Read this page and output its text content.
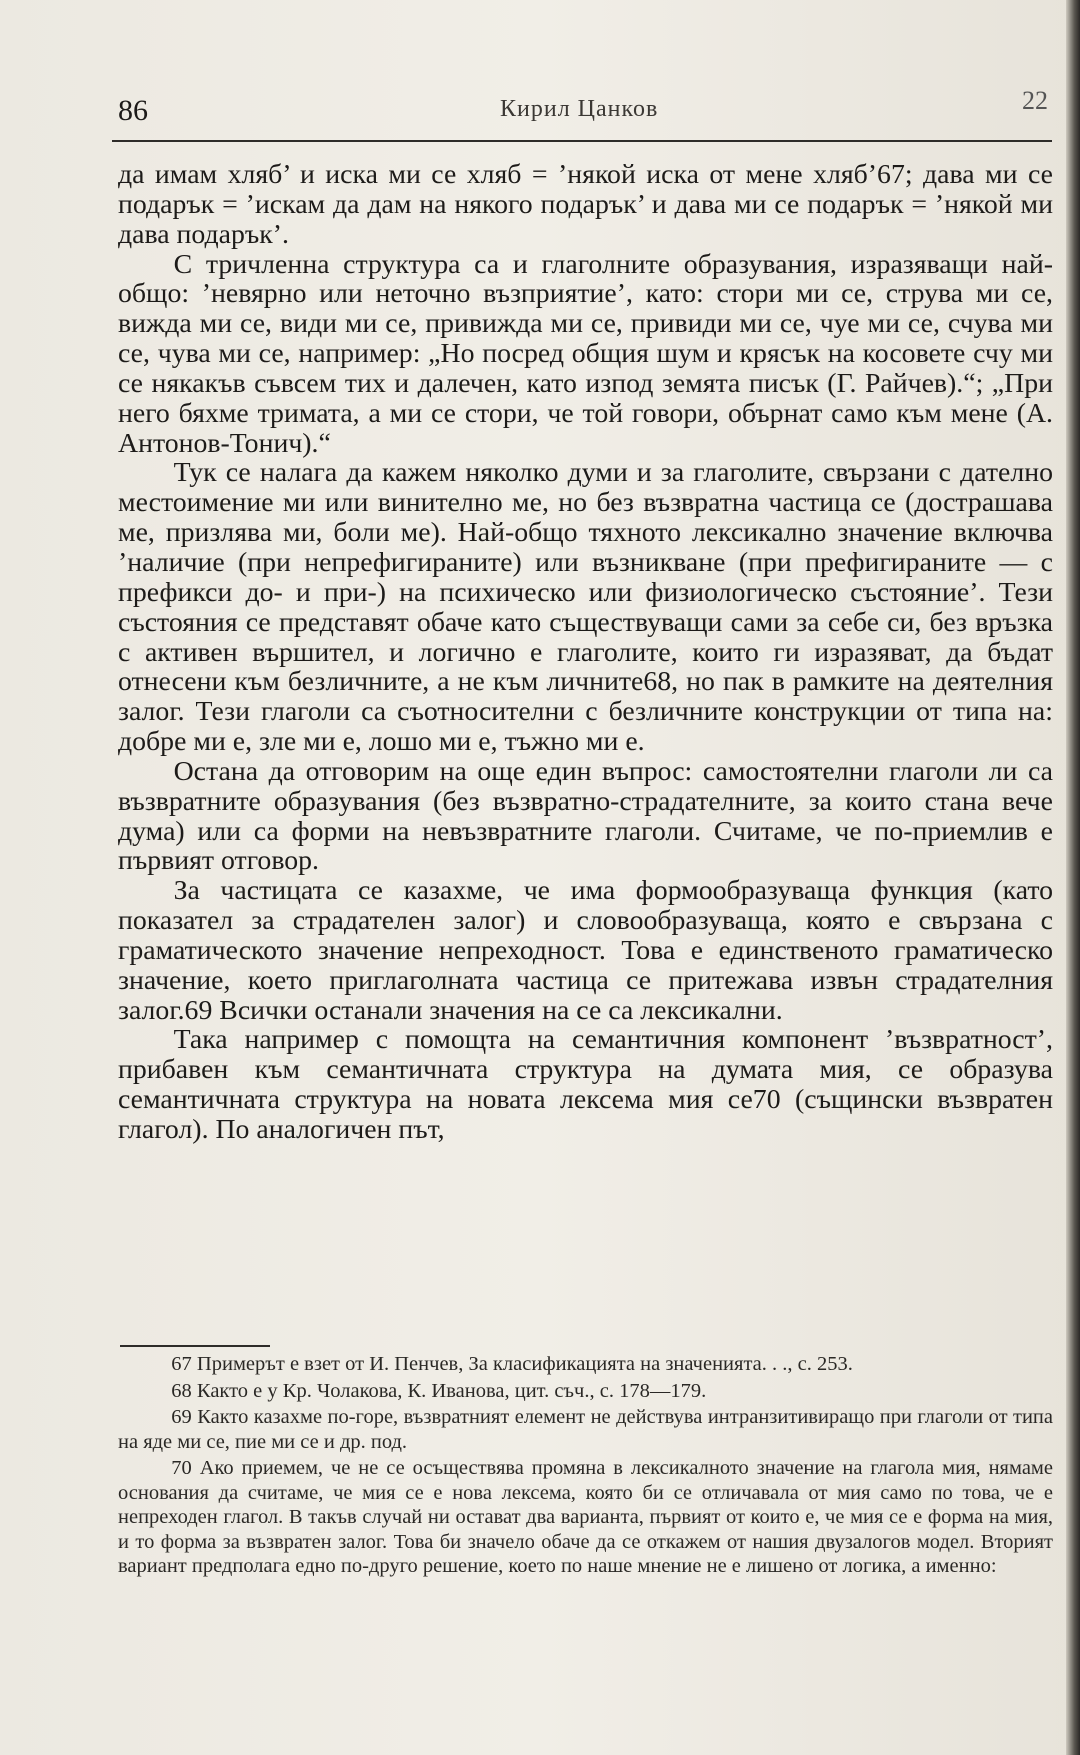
86	Кирил Цанков	22

да имам хляб’ и иска ми се хляб = ’някой иска от мене хляб’67; дава ми се подарък = ’искам да дам на някого подарък’ и дава ми се подарък = ’някой ми дава подарък’.

С тричленна структура са и глаголните образувания, изразяващи най-общо: ’невярно или неточно възприятие’, като: стори ми се, струва ми се, вижда ми се, види ми се, привижда ми се, привиди ми се, чуе ми се, счува ми се, чува ми се, например: „Но посред общия шум и крясък на косовете счу ми се някакъв съвсем тих и далечен, като изпод земята писък (Г. Райчев).“; „При него бяхме тримата, а ми се стори, че той говори, обърнат само към мене (А. Антонов-Тонич).“

Тук се налага да кажем няколко думи и за глаголите, свързани с дателно местоимение ми или винително ме, но без възвратна частица се (дострашава ме, призлява ми, боли ме). Най-общо тяхното лексикално значение включва ’наличие (при непрефигираните) или възникване (при префигираните — с префикси до- и при-) на психическо или физиологическо състояние’. Тези състояния се представят обаче като съществуващи сами за себе си, без връзка с активен вършител, и логично е глаголите, които ги изразяват, да бъдат отнесени към безличните, а не към личните68, но пак в рамките на деятелния залог. Тези глаголи са съотносителни с безличните конструкции от типа на: добре ми е, зле ми е, лошо ми е, тъжно ми е.

Остана да отговорим на още един въпрос: самостоятелни глаголи ли са възвратните образувания (без възвратно-страдателните, за които стана вече дума) или са форми на невъзвратните глаголи. Считаме, че по-приемлив е първият отговор.

За частицата се казахме, че има формообразуваща функция (като показател за страдателен залог) и словообразуваща, която е свързана с граматическото значение непреходност. Това е единственото граматическо значение, което приглаголната частица се притежава извън страдателния залог.69 Всички останали значения на се са лексикални.

Така например с помощта на семантичния компонент ’възвратност’, прибавен към семантичната структура на думата мия, се образува семантичната структура на новата лексема мия се70 (същински възвратен глагол). По аналогичен път,

67 Примерът е взет от И. Пенчев, За класификацията на значенията. . ., с. 253.

68 Както е у Кр. Чолакова, К. Иванова, цит. съч., с. 178—179.

69 Както казахме по-горе, възвратният елемент не действува интранзитивиращо при глаголи от типа на яде ми се, пие ми се и др. под.

70 Ако приемем, че не се осъществява промяна в лексикалното значение на глагола мия, нямаме основания да считаме, че мия се е нова лексема, която би се отличавала от мия само по това, че е непреходен глагол. В такъв случай ни остават два варианта, първият от които е, че мия се е форма на мия, и то форма за възвратен залог. Това би значело обаче да се откажем от нашия двузалогов модел. Вторият вариант предполага едно по-друго решение, което по наше мнение не е лишено от логика, а именно:
